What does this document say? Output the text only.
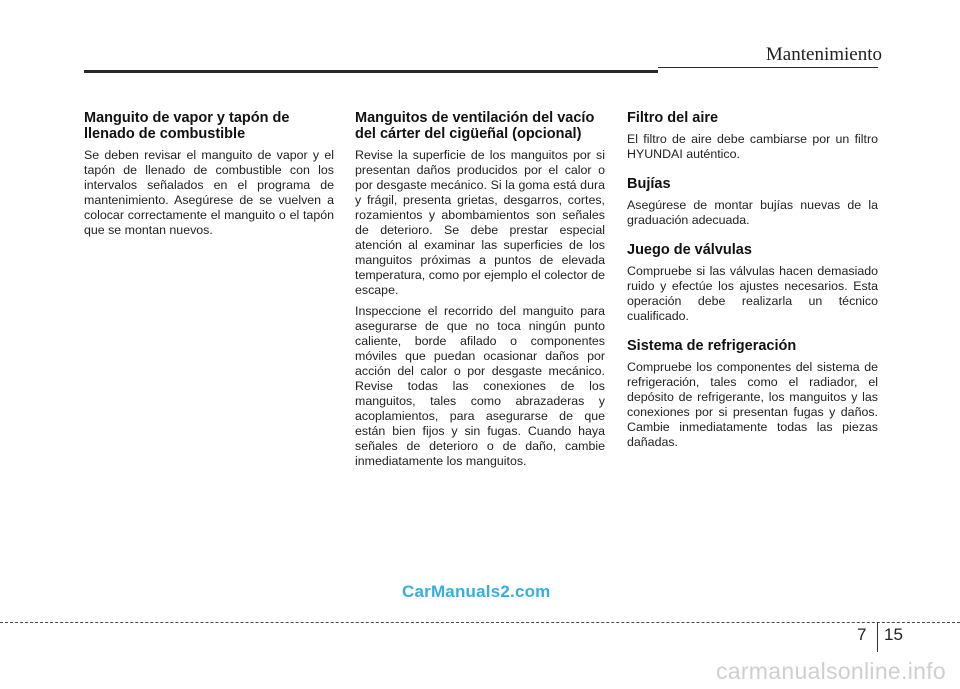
Mantenimiento
Manguito de vapor y tapón de llenado de combustible

Se deben revisar el manguito de vapor y el tapón de llenado de combustible con los intervalos señalados en el programa de mantenimiento. Asegúrese de se vuelven a colocar correctamente el manguito o el tapón que se montan nuevos.

Manguitos de ventilación del vacío del cárter del cigüeñal (opcional)

Revise la superficie de los manguitos por si presentan daños producidos por el calor o por desgaste mecánico. Si la goma está dura y frágil, presenta grietas, desgarros, cortes, rozamientos y abombamientos son señales de deterioro. Se debe prestar especial atención al examinar las superficies de los manguitos próximas a puntos de elevada temperatura, como por ejemplo el colector de escape.

Inspeccione el recorrido del manguito para asegurarse de que no toca ningún punto caliente, borde afilado o componentes móviles que puedan ocasionar daños por acción del calor o por desgaste mecánico. Revise todas las conexiones de los manguitos, tales como abrazaderas y acoplamientos, para asegurarse de que están bien fijos y sin fugas. Cuando haya señales de deterioro o de daño, cambie inmediatamente los manguitos.

Filtro del aire

El filtro de aire debe cambiarse por un filtro HYUNDAI auténtico.

Bujías

Asegúrese de montar bujías nuevas de la graduación adecuada.

Juego de válvulas

Compruebe si las válvulas hacen demasiado ruido y efectúe los ajustes necesarios. Esta operación debe realizarla un técnico cualificado.

Sistema de refrigeración

Compruebe los componentes del sistema de refrigeración, tales como el radiador, el depósito de refrigerante, los manguitos y las conexiones por si presentan fugas y daños. Cambie inmediatamente todas las piezas dañadas.

CarManuals2.com
7 15
carmanualsonline.info
